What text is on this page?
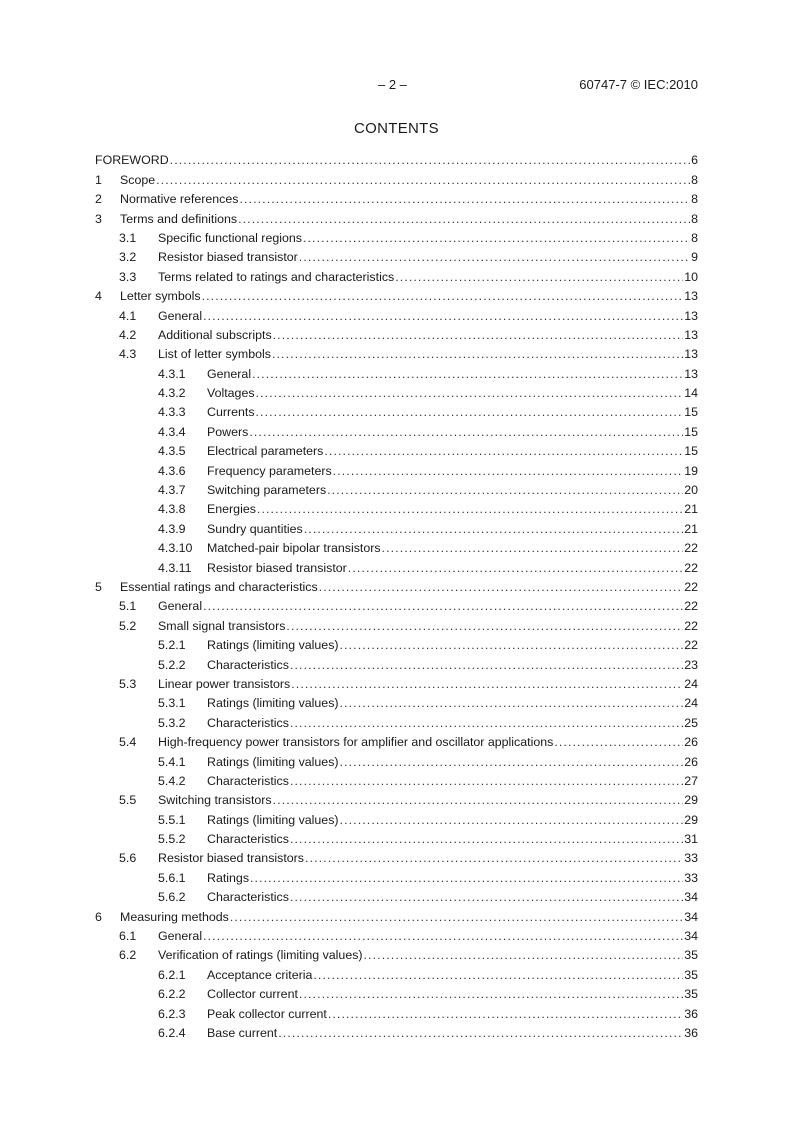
– 2 –	60747-7 © IEC:2010
CONTENTS
FOREWORD .....	6
1	Scope .....	8
2	Normative references .....	8
3	Terms and definitions .....	8
3.1	Specific functional regions .....	8
3.2	Resistor biased transistor .....	9
3.3	Terms related to ratings and characteristics .....	10
4	Letter symbols .....	13
4.1	General .....	13
4.2	Additional subscripts .....	13
4.3	List of letter symbols .....	13
4.3.1	General .....	13
4.3.2	Voltages .....	14
4.3.3	Currents .....	15
4.3.4	Powers .....	15
4.3.5	Electrical parameters .....	15
4.3.6	Frequency parameters .....	19
4.3.7	Switching parameters .....	20
4.3.8	Energies .....	21
4.3.9	Sundry quantities .....	21
4.3.10	Matched-pair bipolar transistors .....	22
4.3.11	Resistor biased transistor .....	22
5	Essential ratings and characteristics .....	22
5.1	General .....	22
5.2	Small signal transistors .....	22
5.2.1	Ratings (limiting values) .....	22
5.2.2	Characteristics .....	23
5.3	Linear power transistors .....	24
5.3.1	Ratings (limiting values) .....	24
5.3.2	Characteristics .....	25
5.4	High-frequency power transistors for amplifier and oscillator applications .....	26
5.4.1	Ratings (limiting values) .....	26
5.4.2	Characteristics .....	27
5.5	Switching transistors .....	29
5.5.1	Ratings (limiting values) .....	29
5.5.2	Characteristics .....	31
5.6	Resistor biased transistors .....	33
5.6.1	Ratings .....	33
5.6.2	Characteristics .....	34
6	Measuring methods .....	34
6.1	General .....	34
6.2	Verification of ratings (limiting values) .....	35
6.2.1	Acceptance criteria .....	35
6.2.2	Collector current .....	35
6.2.3	Peak collector current .....	36
6.2.4	Base current .....	36
